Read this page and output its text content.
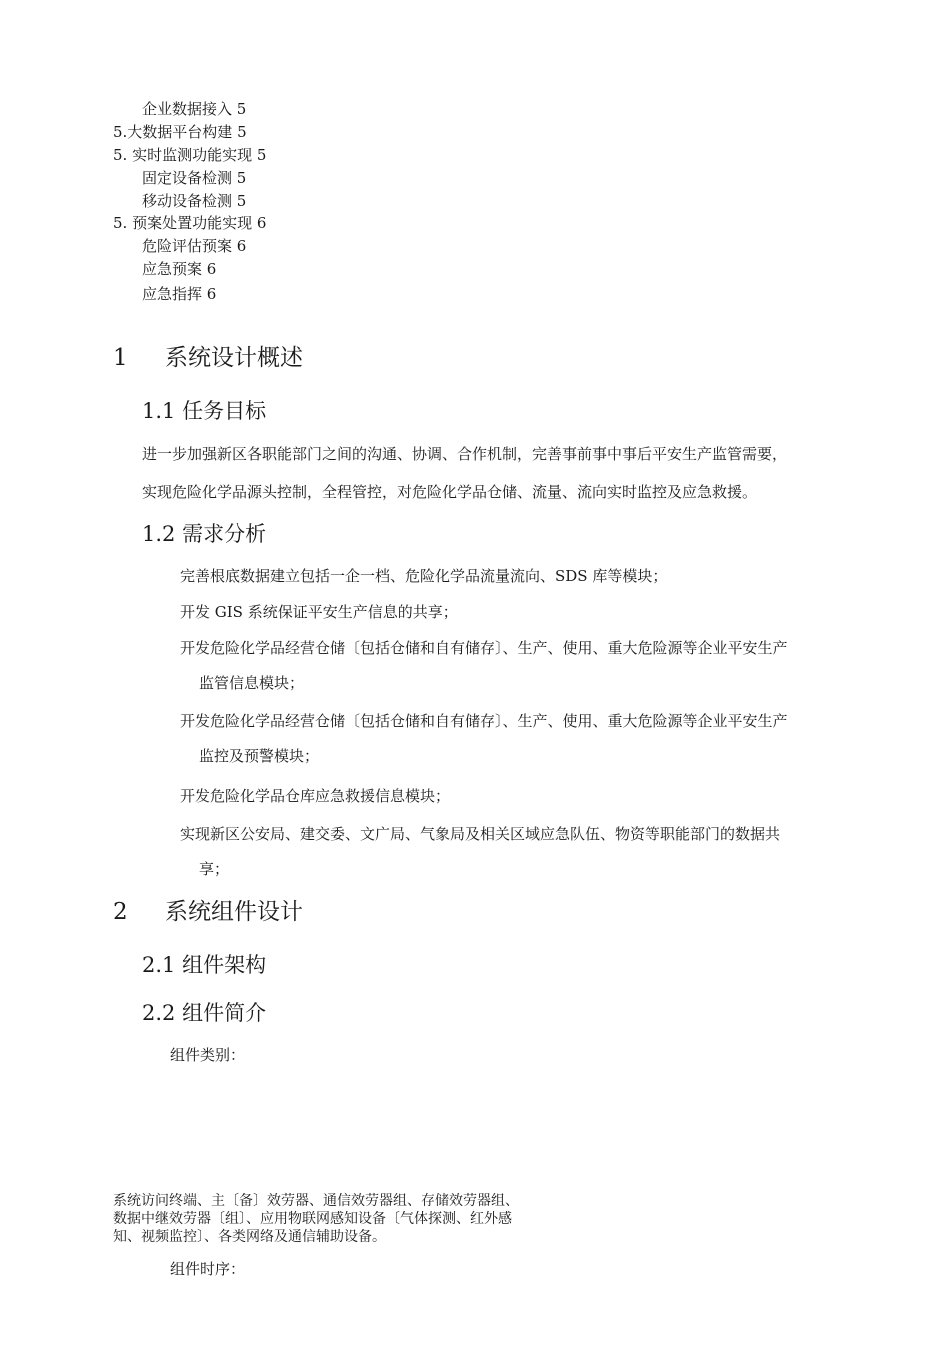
企业数据接入 5
5.大数据平台构建 5
5. 实时监测功能实现 5
固定设备检测 5
移动设备检测 5
5. 预案处置功能实现 6
危险评估预案 6
应急预案 6
应急指挥 6
1 系统设计概述
1.1 任务目标
进一步加强新区各职能部门之间的沟通、协调、合作机制，完善事前事中事后平安生产监管需要，
实现危险化学品源头控制，全程管控，对危险化学品仓储、流量、流向实时监控及应急救援。
1.2 需求分析
完善根底数据建立包括一企一档、危险化学品流量流向、SDS 库等模块；
开发 GIS 系统保证平安生产信息的共享；
开发危险化学品经营仓储〔包括仓储和自有储存〕、生产、使用、重大危险源等企业平安生产
监管信息模块；
开发危险化学品经营仓储〔包括仓储和自有储存〕、生产、使用、重大危险源等企业平安生产
监控及预警模块；
开发危险化学品仓库应急救援信息模块；
实现新区公安局、建交委、文广局、气象局及相关区域应急队伍、物资等职能部门的数据共
享；
2 系统组件设计
2.1 组件架构
2.2 组件简介
组件类别：
系统访问终端、主〔备〕效劳器、通信效劳器组、存储效劳器组、
数据中继效劳器〔组〕、应用物联网感知设备〔气体探测、红外感
知、视频监控〕、各类网络及通信辅助设备。
组件时序：
